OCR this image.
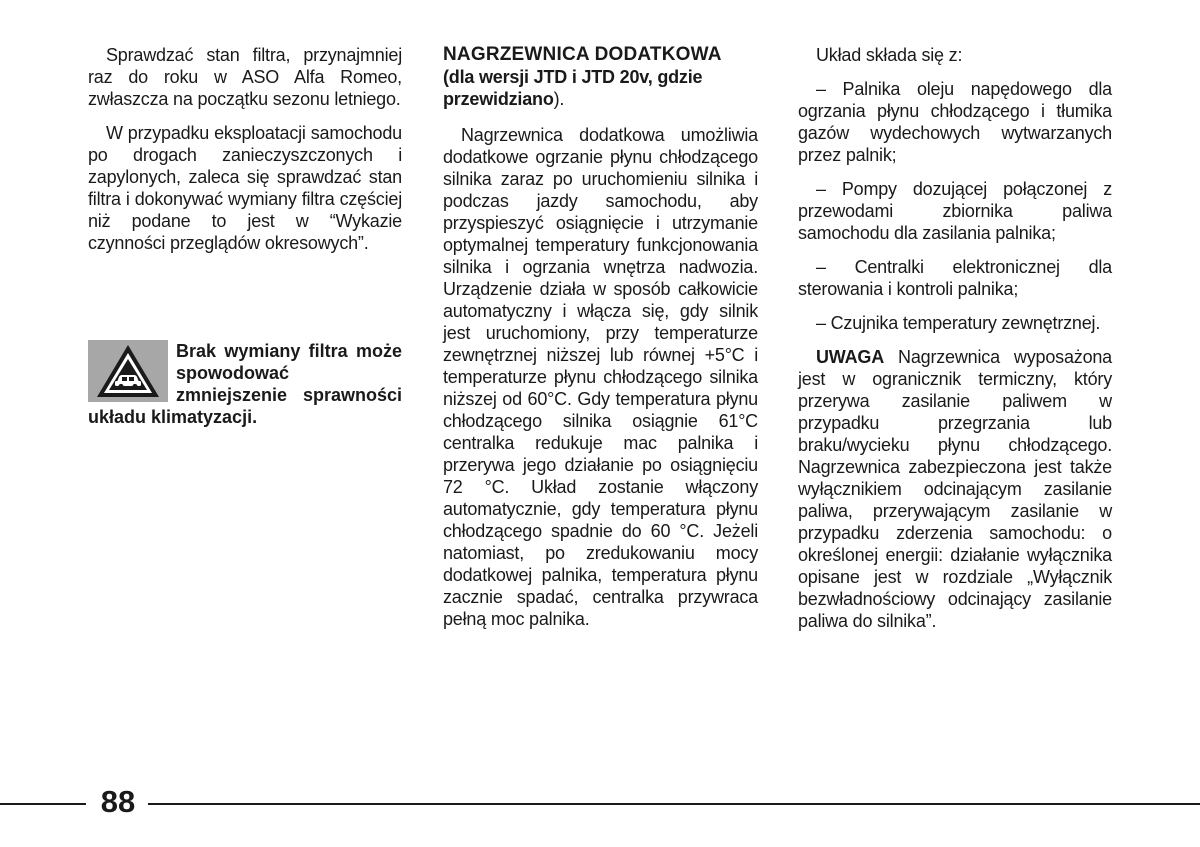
Sprawdzać stan filtra, przynajmniej raz do roku w ASO Alfa Romeo, zwłaszcza na początku sezonu letniego.

W przypadku eksploatacji samochodu po drogach zanieczyszczonych i zapylonych, zaleca się sprawdzać stan filtra i dokonywać wymiany filtra częściej niż podane to jest w “Wykazie czynności przeglądów okresowych”.

Brak wymiany filtra może spowodować zmniejszenie sprawności układu klimatyzacji.
NAGRZEWNICA DODATKOWA
(dla wersji JTD i JTD 20v, gdzie przewidziano).

Nagrzewnica dodatkowa umożliwia dodatkowe ogrzanie płynu chłodzącego silnika zaraz po uruchomieniu silnika i podczas jazdy samochodu, aby przyspieszyć osiągnięcie i utrzymanie optymalnej temperatury funkcjonowania silnika i ogrzania wnętrza nadwozia. Urządzenie działa w sposób całkowicie automatyczny i włącza się, gdy silnik jest uruchomiony, przy temperaturze zewnętrznej niższej lub równej +5°C i temperaturze płynu chłodzącego silnika niższej od 60°C. Gdy temperatura płynu chłodzącego silnika osiągnie 61°C centralka redukuje mac palnika i przerywa jego działanie po osiągnięciu 72 °C. Układ zostanie włączony automatycznie, gdy temperatura płynu chłodzącego spadnie do 60 °C. Jeżeli natomiast, po zredukowaniu mocy dodatkowej palnika, temperatura płynu zacznie spadać, centralka przywraca pełną moc palnika.

Układ składa się z:

– Palnika oleju napędowego dla ogrzania płynu chłodzącego i tłumika gazów wydechowych wytwarzanych przez palnik;

– Pompy dozującej połączonej z przewodami zbiornika paliwa samochodu dla zasilania palnika;

– Centralki elektronicznej dla sterowania i kontroli palnika;

– Czujnika temperatury zewnętrznej.

UWAGA Nagrzewnica wyposażona jest w ogranicznik termiczny, który przerywa zasilanie paliwem w przypadku przegrzania lub braku/wycieku płynu chłodzącego. Nagrzewnica zabezpieczona jest także wyłącznikiem odcinającym zasilanie paliwa, przerywającym zasilanie w przypadku zderzenia samochodu: o określonej energii: działanie wyłącznika opisane jest w rozdziale „Wyłącznik bezwładnościowy odcinający zasilanie paliwa do silnika”.

88
